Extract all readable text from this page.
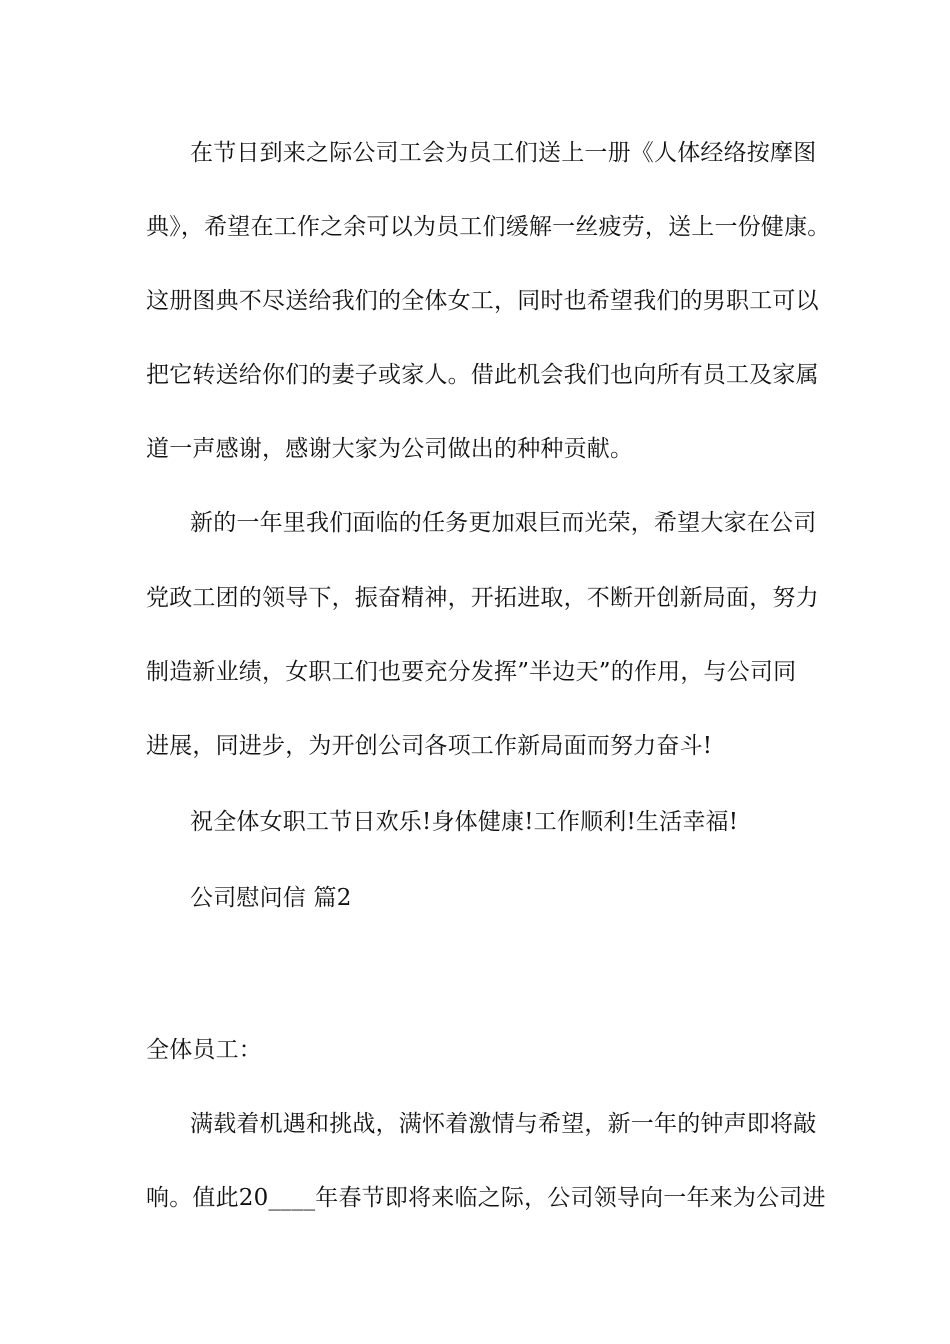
在节日到来之际公司工会为员工们送上一册《人体经络按摩图
典》，希望在工作之余可以为员工们缓解一丝疲劳，送上一份健康。
这册图典不尽送给我们的全体女工，同时也希望我们的男职工可以
把它转送给你们的妻子或家人。借此机会我们也向所有员工及家属
道一声感谢，感谢大家为公司做出的种种贡献。
新的一年里我们面临的任务更加艰巨而光荣，希望大家在公司
党政工团的领导下，振奋精神，开拓进取，不断开创新局面，努力
制造新业绩，女职工们也要充分发挥”半边天”的作用，与公司同
进展，同进步，为开创公司各项工作新局面而努力奋斗!
祝全体女职工节日欢乐!身体健康!工作顺利!生活幸福!
公司慰问信 篇2
全体员工：
满载着机遇和挑战，满怀着激情与希望，新一年的钟声即将敲
响。值此20____年春节即将来临之际，公司领导向一年来为公司进
